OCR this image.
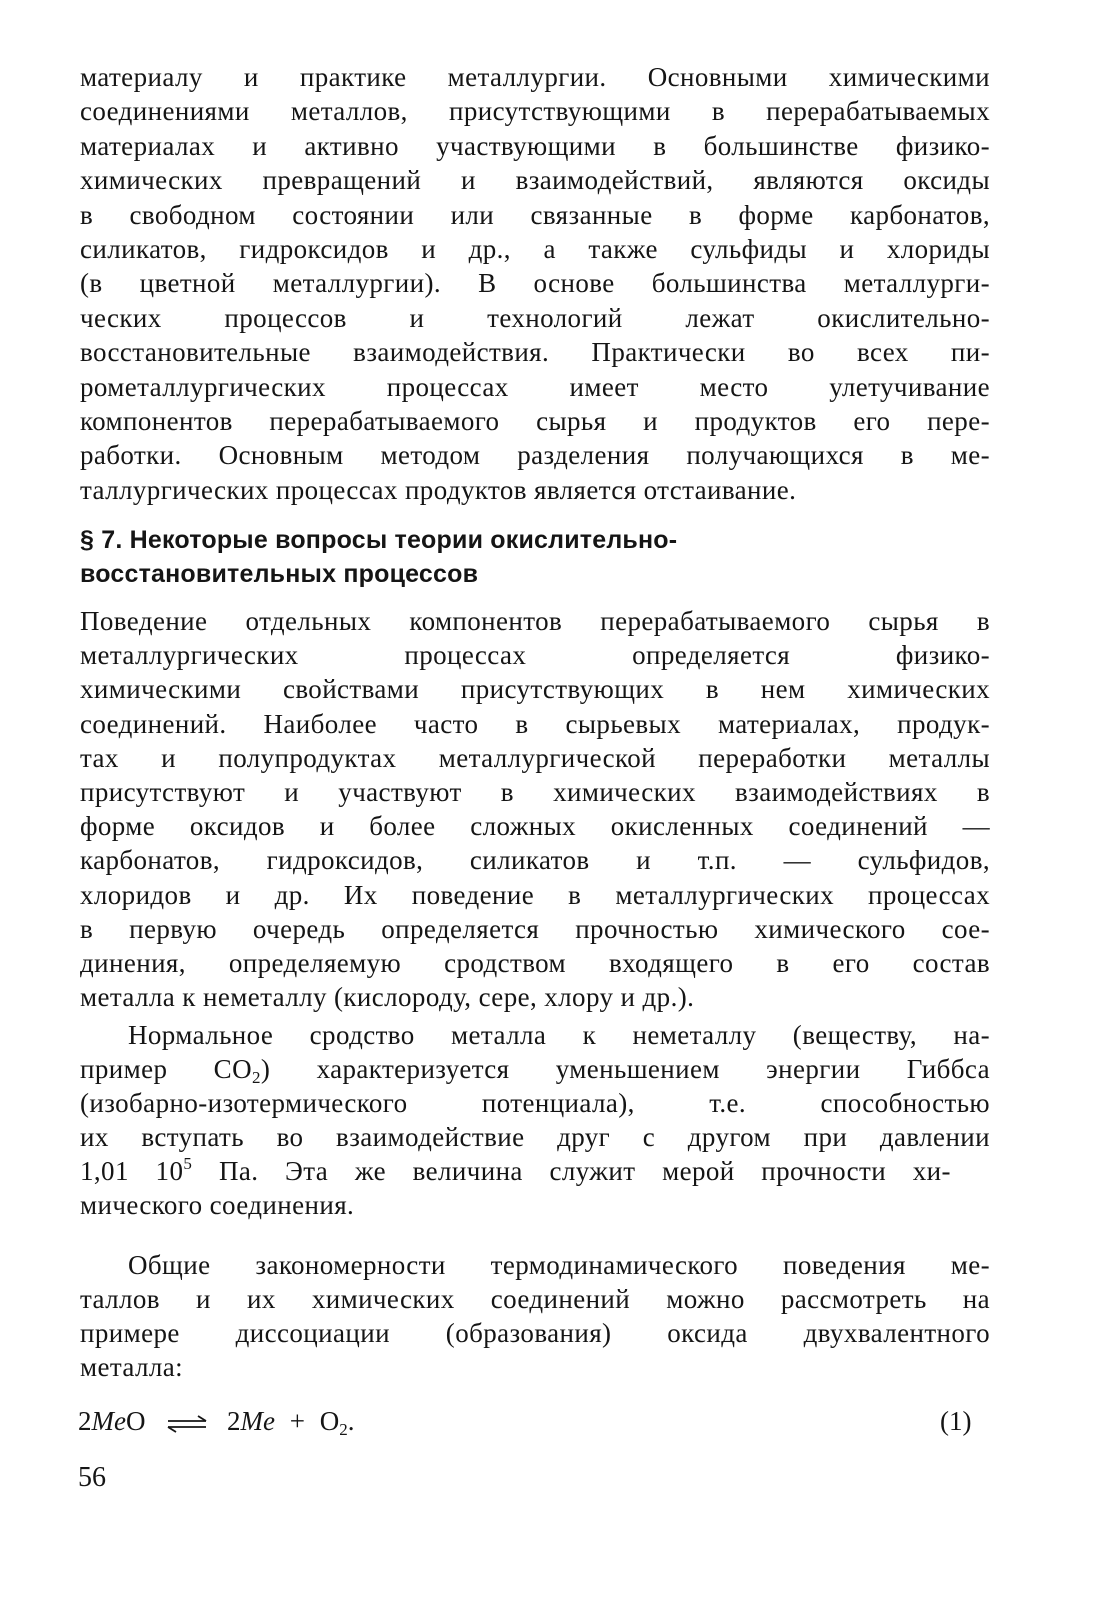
материалу и практике металлургии. Основными химическими
соединениями металлов, присутствующими в перерабатываемых
материалах и активно участвующими в большинстве физико-
химических превращений и взаимодействий, являются оксиды
в свободном состоянии или связанные в форме карбонатов,
силикатов, гидроксидов и др., а также сульфиды и хлориды
(в цветной металлургии). В основе большинства металлурги-
ческих процессов и технологий лежат окислительно-
восстановительные взаимодействия. Практически во всех пи-
рометаллургических процессах имеет место улетучивание
компонентов перерабатываемого сырья и продуктов его пере-
работки. Основным методом разделения получающихся в ме-
таллургических процессах продуктов является отстаивание.
§ 7. Некоторые вопросы теории окислительно-
восстановительных процессов
Поведение отдельных компонентов перерабатываемого сырья в
металлургических процессах определяется физико-
химическими свойствами присутствующих в нем химических
соединений. Наиболее часто в сырьевых материалах, продук-
тах и полупродуктах металлургической переработки металлы
присутствуют и участвуют в химических взаимодействиях в
форме оксидов и более сложных окисленных соединений —
карбонатов, гидроксидов, силикатов и т.п. — сульфидов,
хлоридов и др. Их поведение в металлургических процессах
в первую очередь определяется прочностью химического сое-
динения, определяемую сродством входящего в его состав
металла к неметаллу (кислороду, сере, хлору и др.).
Нормальное сродство металла к неметаллу (веществу, на-
пример $CO_2$) характеризуется уменьшением энергии Гиббса
(изобарно-изотермического потенциала), т.е. способностью
их вступать во взаимодействие друг с другом при давлении
1,01 $10^5$ Па. Эта же величина служит мерой прочности хи-
мического соединения.
Общие закономерности термодинамического поведения ме-
таллов и их химических соединений можно рассмотреть на
примере диссоциации (образования) оксида двухвалентного
металла:
2MeO ⇌ $2Me + O_2$.	(1)
56
